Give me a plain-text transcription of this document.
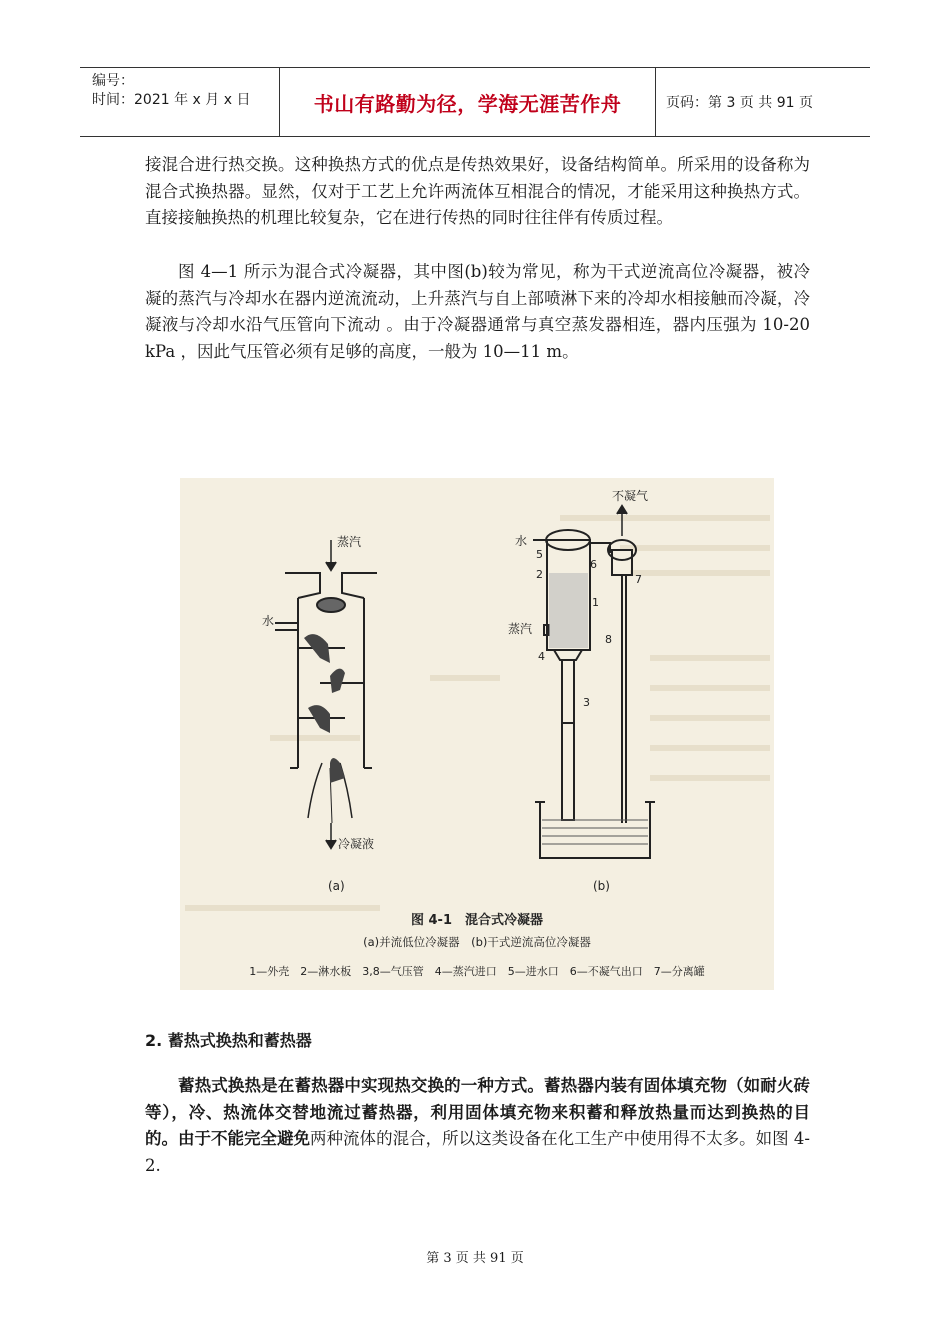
编号：
时间：2021 年 x 月 x 日	书山有路勤为径，学海无涯苦作舟	页码：第 3 页 共 91 页
接混合进行热交换。这种换热方式的优点是传热效果好，设备结构简单。所采用的设备称为混合式换热器。显然，仅对于工艺上允许两流体互相混合的情况，才能采用这种换热方式。直接接触换热的机理比较复杂，它在进行传热的同时往往伴有传质过程。
图 4—1 所示为混合式冷凝器，其中图(b)较为常见，称为干式逆流高位冷凝器，被冷凝的蒸汽与冷却水在器内逆流流动，上升蒸汽与自上部喷淋下来的冷却水相接触而冷凝，冷凝液与冷却水沿气压管向下流动 。由于冷凝器通常与真空蒸发器相连，器内压强为 10-20 kPa ，因此气压管必须有足够的高度，一般为 10—11 m。
蒸汽
水
冷凝液
(a)
不凝气
水
蒸汽
1
2
3
4
5
6
7
8
(b)
图 4-1　混合式冷凝器
(a)并流低位冷凝器　(b)干式逆流高位冷凝器
1—外壳　2—淋水板　3,8—气压管　4—蒸汽进口　5—进水口　6—不凝气出口　7—分离罐
2. 蓄热式换热和蓄热器
蓄热式换热是在蓄热器中实现热交换的一种方式。蓄热器内装有固体填充物（如耐火砖等），冷、热流体交替地流过蓄热器，利用固体填充物来积蓄和释放热量而达到换热的目的。由于不能完全避免两种流体的混合，所以这类设备在化工生产中使用得不太多。如图 4-2.
第 3 页 共 91 页
